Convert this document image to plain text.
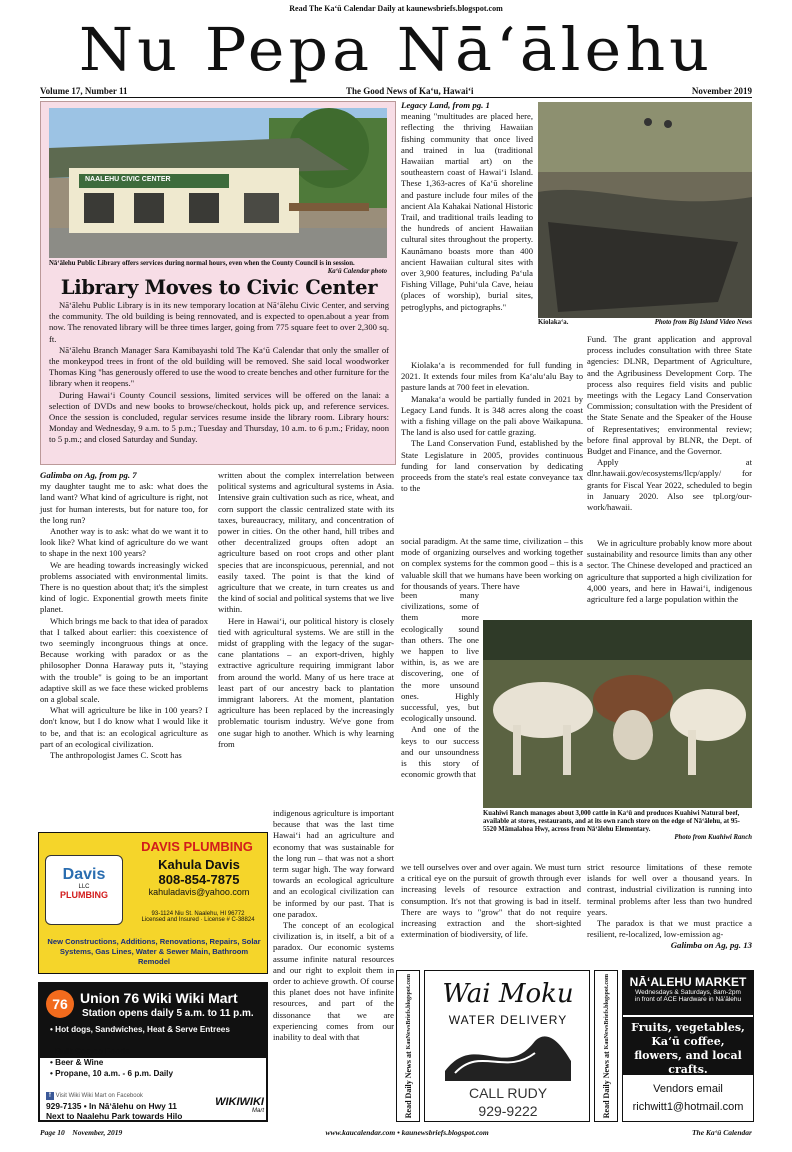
Read The Kaʻū Calendar Daily at kaunewsbriefs.blogspot.com
Nu Pepa Nāʻālehu
Volume 17, Number 11	The Good News of Kaʻu, Hawaiʻi	November 2019
NAALEHU CIVIC CENTER
Nāʻālehu Public Library offers services during normal hours, even when the County Council is in session.
Kaʻū Calendar photo
Library Moves to Civic Center

Nāʻālehu Public Library is in its new temporary location at Nāʻālehu Civic Center, and serving the community. The old building is being rennovated, and is expected to open.about a year from now. The renovated library will be three times larger, going from 775 square feet to over 2,300 sq. ft.

Nāʻālehu Branch Manager Sara Kamibayashi told The Kaʻū Calendar that only the smaller of the monkeypod trees in front of the old building will be removed. She said local woodworker Thomas King "has generously offered to use the wood to create benches and other furniture for the library when it reopens."

During Hawaiʻi County Council sessions, limited services will be offered on the lanai: a selection of DVDs and new books to browse/checkout, holds pick up, and reference services. Once the session is concluded, regular services resume inside the library room. Library hours: Monday and Wednesday, 9 a.m. to 5 p.m.; Tuesday and Thursday, 10 a.m. to 6 p.m.; Friday, noon to 5 p.m.; and closed Saturday and Sunday.

Legacy Land, from pg. 1

meaning "multitudes are placed here, reflecting the thriving Hawaiian fishing community that once lived and trained in lua (traditional Hawaiian martial art) on the southeastern coast of Hawaiʻi Island. These 1,363-acres of Kaʻū shoreline and pasture include four miles of the ancient Ala Kahakai National Historic Trail, and traditional trails leading to the hundreds of ancient Hawaiian cultural sites throughout the property. Kaunāmano boasts more than 400 ancient Hawaiian cultural sites with over 3,900 features, including Paʻula Fishing Village, Puhiʻula Cave, heiau (places of worship), burial sites, petroglyphs, and pictographs."

Kiolakaʻa.	Photo from Big Island Video News

Kiolakaʻa is recommended for full funding in 2021. It extends four miles from Kaʻaluʻalu Bay to pasture lands at 700 feet in elevation.

Manakaʻa would be partially funded in 2021 by Legacy Land funds. It is 348 acres along the coast with a fishing village on the pali above Waikapuna. The land is also used for cattle grazing.

The Land Conservation Fund, established by the State Legislature in 2005, provides continuous funding for land conservation by dedicating proceeds from the state's real estate conveyance tax to the

Fund. The grant application and approval process includes consultation with three State agencies: DLNR, Department of Agriculture, and the Agribusiness Development Corp. The process also requires field visits and public meetings with the Legacy Land Conservation Commission; consultation with the President of the State Senate and the Speaker of the House of Representatives; environmental review; before final approval by BLNR, the Dept. of Budget and Finance, and the Governor.

Apply at dlnr.hawaii.gov/ecosystems/llcp/apply/ for grants for Fiscal Year 2022, scheduled to begin in January 2020. Also see tpl.org/our-work/hawaii.

Galimba on Ag, from pg. 7

my daughter taught me to ask: what does the land want? What kind of agriculture is right, not just for human interests, but for nature too, for the long run?

Another way is to ask: what do we want it to look like? What kind of agriculture do we want to shape in the next 100 years?

We are heading towards increasingly wicked problems associated with environmental limits. There is no question about that; it's the simplest kind of logic. Exponential growth meets finite planet.

Which brings me back to that idea of paradox that I talked about earlier: this coexistence of two seemingly incongruous things at once. Because working with paradox or as the philosopher Donna Haraway puts it, "staying with the trouble" is going to be an important adaptive skill as we face these wicked problems on a global scale.

What will agriculture be like in 100 years? I don't know, but I do know what I would like it to be, and that is: an ecological agriculture as part of an ecological civilization.

The anthropologist James C. Scott has

written about the complex interrelation between political systems and agricultural systems in Asia. Intensive grain cultivation such as rice, wheat, and corn support the classic centralized state with its taxes, bureaucracy, military, and concentration of power in cities. On the other hand, hill tribes and other decentralized groups often adopt an agriculture based on root crops and other plant species that are inconspicuous, perennial, and not easily taxed. The point is that the kind of agriculture that we create, in turn creates us and the kind of social and political systems that we live within.

Here in Hawaiʻi, our political history is closely tied with agricultural systems. We are still in the midst of grappling with the legacy of the sugar-cane plantations – an export-driven, highly extractive agriculture requiring immigrant labor from around the world. Many of us here trace at least part of our ancestry back to plantation immigrant laborers. At the moment, plantation agriculture has been replaced by the increasingly problematic tourism industry. We've gone from one sugar high to another. Which is why learning from

indigenous agriculture is important because that was the last time Hawaiʻi had an agriculture and economy that was sustainable for the long run – that was not a short term sugar high. The way forward towards an ecological agriculture and an ecological civilization can be informed by our past. That is one paradox.

The concept of an ecological civilization is, in itself, a bit of a paradox. Our economic systems assume infinite natural resources and our right to exploit them in order to achieve growth. Of course this planet does not have infinite resources, and part of the dissonance that we are experiencing comes from our inability to deal with that

social paradigm. At the same time, civilization – this mode of organizing ourselves and working together on complex systems for the common good – this is a valuable skill that we humans have been working on for thousands of years. There have

been many civilizations, some of them more ecologically sound than others. The one we happen to live within, is, as we are discovering, one of the more unsound ones. Highly successful, yes, but ecologically unsound.

And one of the keys to our success and our unsoundness is this story of economic growth that

We in agriculture probably know more about sustainability and resource limits than any other sector. The Chinese developed and practiced an agriculture that supported a high civilization for 4,000 years, and here in Hawaiʻi, indigenous agriculture fed a large population within the

Kuahiwi Ranch manages about 3,000 cattle in Kaʻū and produces Kuahiwi Natural beef, available at stores, restaurants, and at its own ranch store on the edge of Nāʻālehu, at 95-5520 Māmalahoa Hwy, across from Nāʻālehu Elementary.
Photo from Kuahiwi Ranch

we tell ourselves over and over again. We must turn a critical eye on the pursuit of growth through ever increasing levels of resource extraction and consumption. It's not that growing is bad in itself. There are ways to "grow" that do not require increasing extraction and the short-sighted extermination of biodiversity, of life.

strict resource limitations of these remote islands for well over a thousand years. In contrast, industrial civilization is running into terminal problems after less than two hundred years.

The paradox is that we must practice a resilient, re-localized, low-emission ag-

Galimba on Ag, pg. 13
DAVIS PLUMBING
Davis
LLC
PLUMBING
Kahula Davis
808-854-7875
kahuladavis@yahoo.com
93-1124 Niu St. Naalehu, HI 96772
Licensed and Insured · License # C-38824
New Constructions, Additions, Renovations, Repairs, Solar Systems, Gas Lines, Water & Sewer Main, Bathroom Remodel
76 Union 76 Wiki Wiki Mart
Station opens daily 5 a.m. to 11 p.m.
• Hot dogs, Sandwiches, Heat & Serve Entrees
• Bulk Costco Foods
• Beer & Wine
• Propane, 10 a.m. - 6 p.m. Daily
f Visit Wiki Wiki Mart on Facebook
929-7135 • In Nāʻālehu on Hwy 11
Next to Naalehu Park towards Hilo
WIKIWIKI
Mart	Read Daily News at KauNewsBriefs.blogspot.com
Read Daily News at KauNewsBriefs.blogspot.com
Wai Moku
WATER DELIVERY
CALL RUDY
929-9222
NĀʻALEHU MARKET
Wednesdays & Saturdays, 8am-2pm
in front of ACE Hardware in Nāʻālehu
Fruits, vegetables, Kaʻū coffee, flowers, and local crafts.
Vendors email
richwitt1@hotmail.com
Page 10 November, 2019	www.kaucalendar.com • kaunewsbriefs.blogspot.com	The Kaʻū Calendar
